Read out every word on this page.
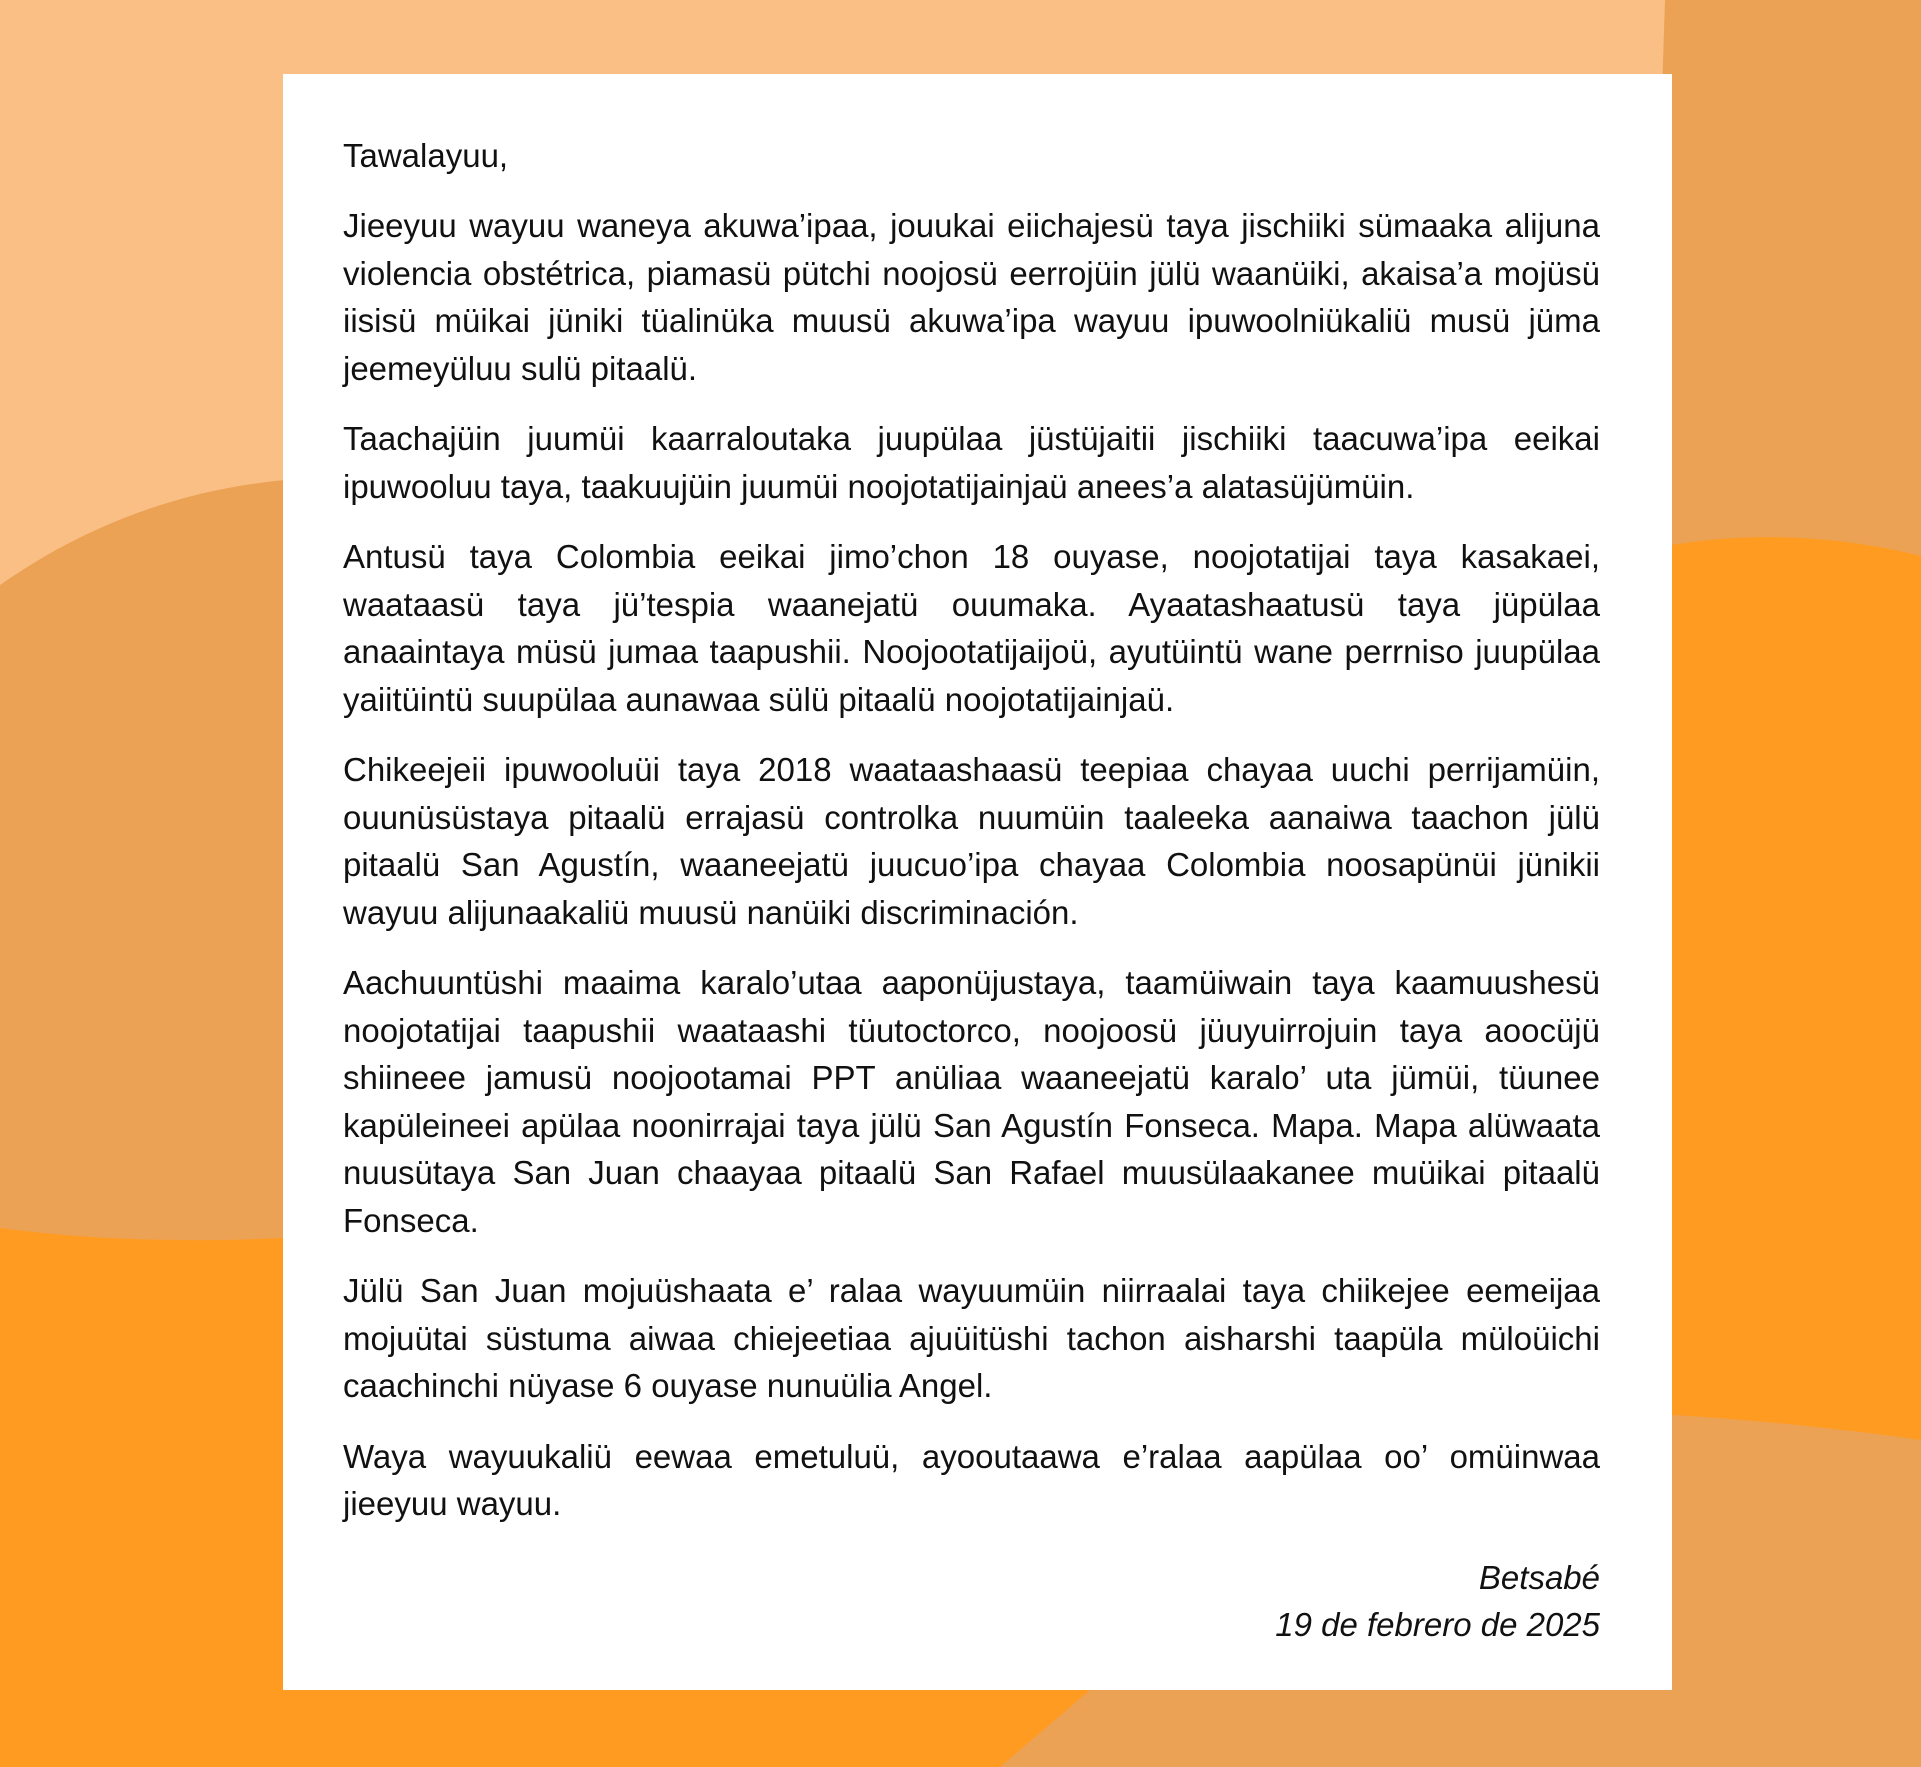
Tawalayuu,

Jieeyuu wayuu waneya akuwa’ipaa, jouukai eiichajesü taya jischiiki sümaaka alijuna violencia obstétrica, piamasü pütchi noojosü eerrojüin jülü waanüiki, akaisa’a mojüsü iisisü müikai jüniki tüalinüka muusü akuwa’ipa wayuu ipuwoolniükaliü musü jüma jeemeyüluu sulü pitaalü.

Taachajüin juumüi kaarraloutaka juupülaa jüstüjaitii jischiiki taacuwa’ipa eeikai ipuwooluu taya, taakuujüin juumüi noojotatijainjaü anees’a alatasüjümüin.

Antusü taya Colombia eeikai jimo’chon 18 ouyase, noojotatijai taya kasakaei, waataasü taya jü’tespia waanejatü ouumaka. Ayaatashaatusü taya jüpülaa anaaintaya müsü jumaa taapushii. Noojootatijaijoü, ayutüintü wane perrniso juupülaa yaiitüintü suupülaa aunawaa sülü pitaalü noojotatijainjaü.

Chikeejeii ipuwooluüi taya 2018 waataashaasü teepiaa chayaa uuchi perrijamüin, ouunüsüstaya pitaalü errajasü controlka nuumüin taaleeka aanaiwa taachon jülü pitaalü San Agustín, waaneejatü juucuo’ipa chayaa Colombia noosapünüi jünikii wayuu alijunaakaliü muusü nanüiki discriminación.

Aachuuntüshi maaima karalo’utaa aaponüjustaya, taamüiwain taya kaamuushesü noojotatijai taapushii waataashi tüutoctorco, noojoosü jüuyuirrojuin taya aoocüjü shiineee jamusü noojootamai PPT anüliaa waaneejatü karalo’ uta jümüi, tüunee kapüleineei apülaa noonirrajai taya jülü San Agustín Fonseca. Mapa. Mapa alüwaata nuusütaya San Juan chaayaa pitaalü San Rafael muusülaakanee muüikai pitaalü Fonseca.

Jülü San Juan mojuüshaata e’ ralaa wayuumüin niirraalai taya chiikejee eemeijaa mojuütai süstuma aiwaa chiejeetiaa ajuüitüshi tachon aisharshi taapüla müloüichi caachinchi nüyase 6 ouyase nunuülia Angel.

Waya wayuukaliü eewaa emetuluü, ayooutaawa e’ralaa aapülaa oo’ omüinwaa jieeyuu wayuu.

Betsabé
19 de febrero de 2025
